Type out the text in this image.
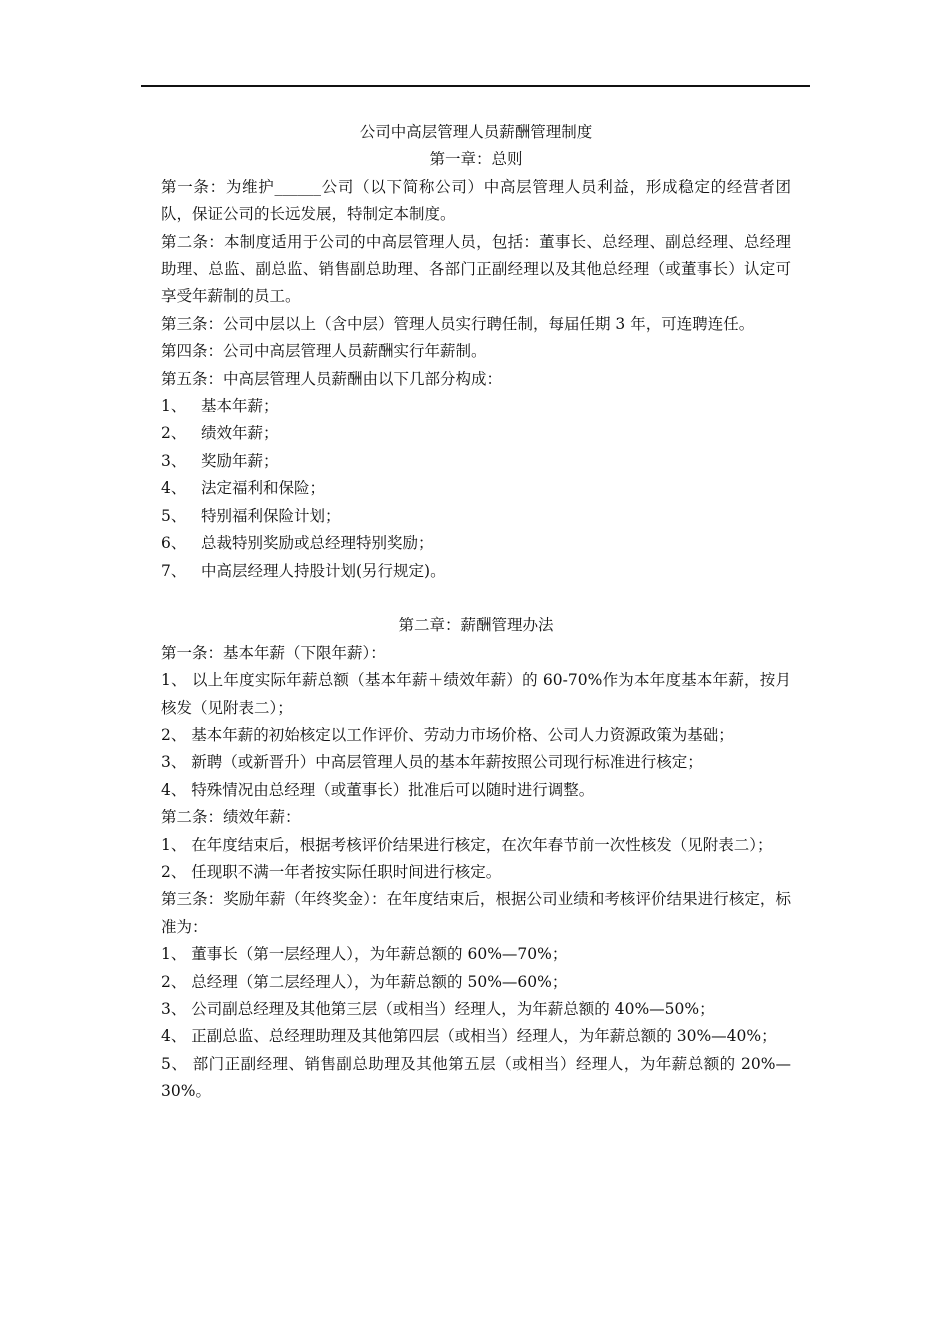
公司中高层管理人员薪酬管理制度
第一章：总则

第一条：为维护______公司（以下简称公司）中高层管理人员利益，形成稳定的经营者团队，保证公司的长远发展，特制定本制度。

第二条：本制度适用于公司的中高层管理人员，包括：董事长、总经理、副总经理、总经理助理、总监、副总监、销售副总助理、各部门正副经理以及其他总经理（或董事长）认定可享受年薪制的员工。

第三条：公司中层以上（含中层）管理人员实行聘任制，每届任期 3 年，可连聘连任。

第四条：公司中高层管理人员薪酬实行年薪制。

第五条：中高层管理人员薪酬由以下几部分构成：

1、 基本年薪；
2、 绩效年薪；
3、 奖励年薪；
4、 法定福利和保险；
5、 特别福利保险计划；
6、 总裁特别奖励或总经理特别奖励；
7、 中高层经理人持股计划(另行规定)。
第二章：薪酬管理办法

第一条：基本年薪（下限年薪）：

1、 以上年度实际年薪总额（基本年薪＋绩效年薪）的 60-70%作为本年度基本年薪，按月核发（见附表二）；

2、 基本年薪的初始核定以工作评价、劳动力市场价格、公司人力资源政策为基础；

3、 新聘（或新晋升）中高层管理人员的基本年薪按照公司现行标准进行核定；

4、 特殊情况由总经理（或董事长）批准后可以随时进行调整。

第二条：绩效年薪：

1、 在年度结束后，根据考核评价结果进行核定，在次年春节前一次性核发（见附表二）；

2、 任现职不满一年者按实际任职时间进行核定。

第三条：奖励年薪（年终奖金）：在年度结束后，根据公司业绩和考核评价结果进行核定，标准为：

1、 董事长（第一层经理人），为年薪总额的 60%—70%；

2、 总经理（第二层经理人），为年薪总额的 50%—60%；

3、 公司副总经理及其他第三层（或相当）经理人，为年薪总额的 40%—50%；

4、 正副总监、总经理助理及其他第四层（或相当）经理人，为年薪总额的 30%—40%；

5、 部门正副经理、销售副总助理及其他第五层（或相当）经理人，为年薪总额的 20%—30%。
